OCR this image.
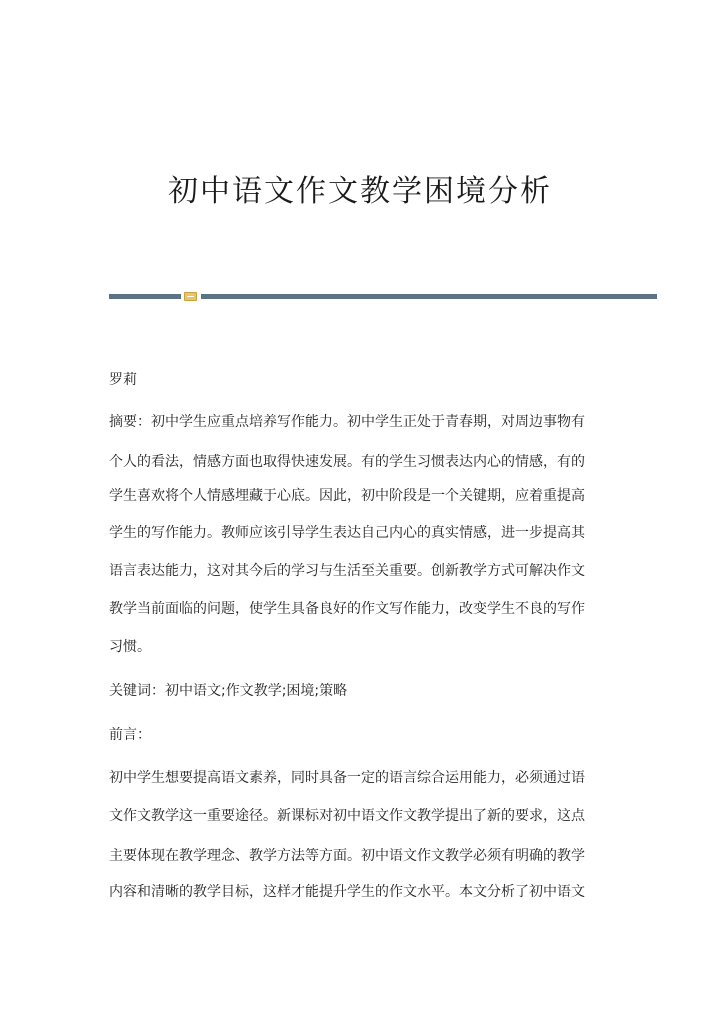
初中语文作文教学困境分析
罗莉
摘要：初中学生应重点培养写作能力。初中学生正处于青春期，对周边事物有
个人的看法，情感方面也取得快速发展。有的学生习惯表达内心的情感，有的
学生喜欢将个人情感埋藏于心底。因此，初中阶段是一个关键期，应着重提高
学生的写作能力。教师应该引导学生表达自己内心的真实情感，进一步提高其
语言表达能力，这对其今后的学习与生活至关重要。创新教学方式可解决作文
教学当前面临的问题，使学生具备良好的作文写作能力，改变学生不良的写作
习惯。
关键词：初中语文;作文教学;困境;策略
前言：
初中学生想要提高语文素养，同时具备一定的语言综合运用能力，必须通过语
文作文教学这一重要途径。新课标对初中语文作文教学提出了新的要求，这点
主要体现在教学理念、教学方法等方面。初中语文作文教学必须有明确的教学
内容和清晰的教学目标，这样才能提升学生的作文水平。本文分析了初中语文
